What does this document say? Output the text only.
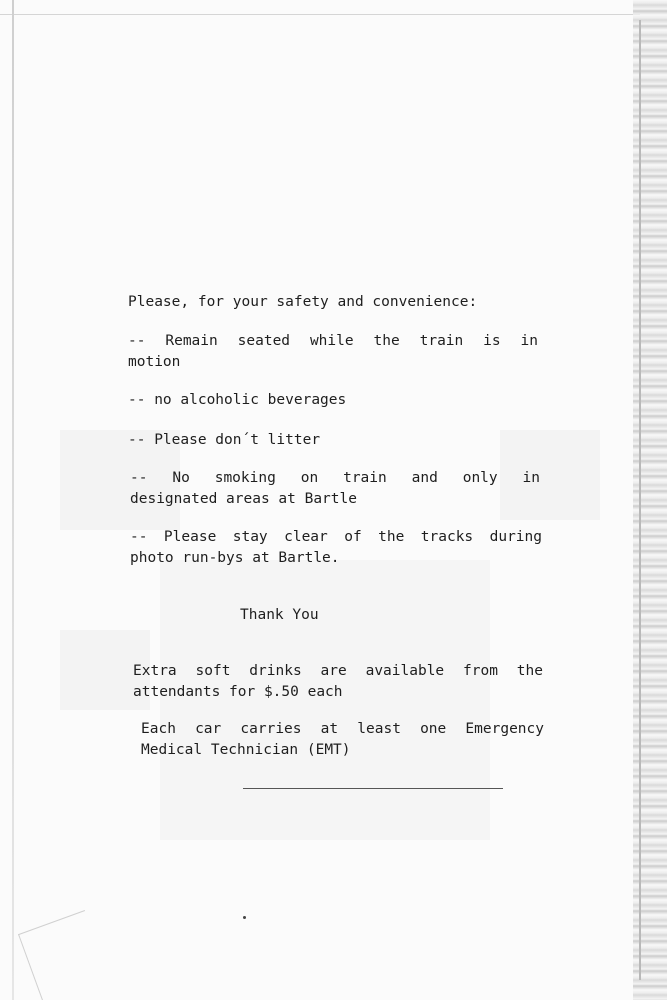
Please, for your safety and convenience:
-- Remain seated while the train is in
motion
-- no alcoholic beverages
-- Please don´t litter
-- No smoking on train and only in
designated areas at Bartle
-- Please stay clear of the tracks during
photo run-bys at Bartle.
Thank You
Extra soft drinks are available from the
attendants for $.50 each
Each car carries at least one Emergency
Medical Technician (EMT)
